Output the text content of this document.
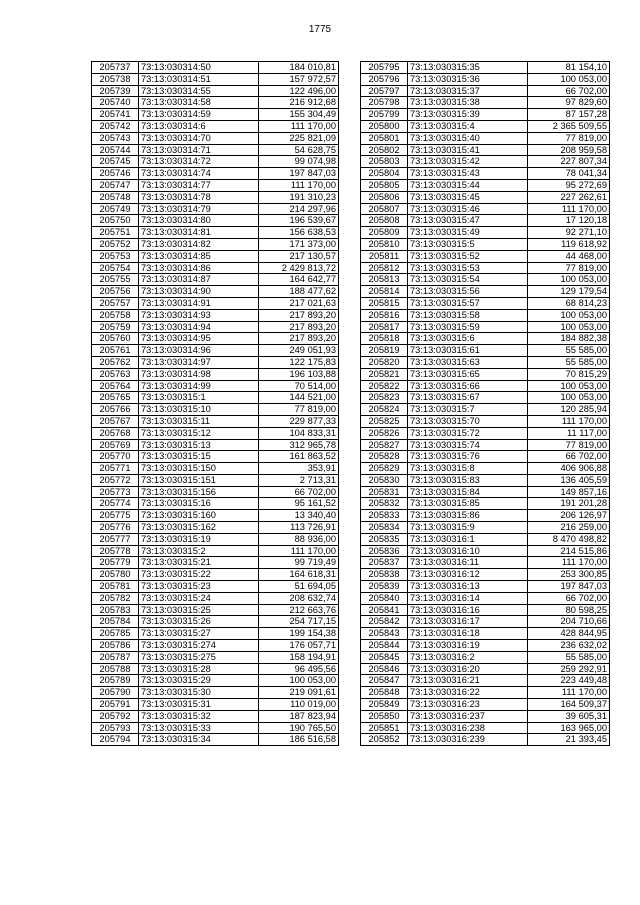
1775
205737	73:13:030314:50	184 010,81
205738	73:13:030314:51	157 972,57
205739	73:13:030314:55	122 496,00
205740	73:13:030314:58	216 912,68
205741	73:13:030314:59	155 304,49
205742	73:13:030314:6	111 170,00
205743	73:13:030314:70	225 821,09
205744	73:13:030314:71	54 628,75
205745	73:13:030314:72	99 074,98
205746	73:13:030314:74	197 847,03
205747	73:13:030314:77	111 170,00
205748	73:13:030314:78	191 310,23
205749	73:13:030314:79	214 297,96
205750	73:13:030314:80	196 539,67
205751	73:13:030314:81	156 638,53
205752	73:13:030314:82	171 373,00
205753	73:13:030314:85	217 130,57
205754	73:13:030314:86	2 429 813,72
205755	73:13:030314:87	164 642,77
205756	73:13:030314:90	188 477,62
205757	73:13:030314:91	217 021,63
205758	73:13:030314:93	217 893,20
205759	73:13:030314:94	217 893,20
205760	73:13:030314:95	217 893,20
205761	73:13:030314:96	249 051,93
205762	73:13:030314:97	122 175,83
205763	73:13:030314:98	196 103,88
205764	73:13:030314:99	70 514,00
205765	73:13:030315:1	144 521,00
205766	73:13:030315:10	77 819,00
205767	73:13:030315:11	229 877,33
205768	73:13:030315:12	104 833,31
205769	73:13:030315:13	312 965,78
205770	73:13:030315:15	161 863,52
205771	73:13:030315:150	353,91
205772	73:13:030315:151	2 713,31
205773	73:13:030315:156	66 702,00
205774	73:13:030315:16	95 161,52
205775	73:13:030315:160	13 340,40
205776	73:13:030315:162	113 726,91
205777	73:13:030315:19	88 936,00
205778	73:13:030315:2	111 170,00
205779	73:13:030315:21	99 719,49
205780	73:13:030315:22	164 618,31
205781	73:13:030315:23	51 694,05
205782	73:13:030315:24	208 632,74
205783	73:13:030315:25	212 663,76
205784	73:13:030315:26	254 717,15
205785	73:13:030315:27	199 154,38
205786	73:13:030315:274	176 057,71
205787	73:13:030315:275	158 194,91
205788	73:13:030315:28	96 495,56
205789	73:13:030315:29	100 053,00
205790	73:13:030315:30	219 091,61
205791	73:13:030315:31	110 019,00
205792	73:13:030315:32	187 823,94
205793	73:13:030315:33	190 765,50
205794	73:13:030315:34	186 516,58
205795	73:13:030315:35	81 154,10
205796	73:13:030315:36	100 053,00
205797	73:13:030315:37	66 702,00
205798	73:13:030315:38	97 829,60
205799	73:13:030315:39	87 157,28
205800	73:13:030315:4	2 365 509,55
205801	73:13:030315:40	77 819,00
205802	73:13:030315:41	208 959,58
205803	73:13:030315:42	227 807,34
205804	73:13:030315:43	78 041,34
205805	73:13:030315:44	95 272,69
205806	73:13:030315:45	227 262,61
205807	73:13:030315:46	111 170,00
205808	73:13:030315:47	17 120,18
205809	73:13:030315:49	92 271,10
205810	73:13:030315:5	119 618,92
205811	73:13:030315:52	44 468,00
205812	73:13:030315:53	77 819,00
205813	73:13:030315:54	100 053,00
205814	73:13:030315:56	129 179,54
205815	73:13:030315:57	68 814,23
205816	73:13:030315:58	100 053,00
205817	73:13:030315:59	100 053,00
205818	73:13:030315:6	184 882,38
205819	73:13:030315:61	55 585,00
205820	73:13:030315:63	55 585,00
205821	73:13:030315:65	70 815,29
205822	73:13:030315:66	100 053,00
205823	73:13:030315:67	100 053,00
205824	73:13:030315:7	120 285,94
205825	73:13:030315:70	111 170,00
205826	73:13:030315:72	11 117,00
205827	73:13:030315:74	77 819,00
205828	73:13:030315:76	66 702,00
205829	73:13:030315:8	406 906,88
205830	73:13:030315:83	136 405,59
205831	73:13:030315:84	149 857,16
205832	73:13:030315:85	191 201,28
205833	73:13:030315:86	206 126,97
205834	73:13:030315:9	216 259,00
205835	73:13:030316:1	8 470 498,82
205836	73:13:030316:10	214 515,86
205837	73:13:030316:11	111 170,00
205838	73:13:030316:12	253 300,85
205839	73:13:030316:13	197 847,03
205840	73:13:030316:14	66 702,00
205841	73:13:030316:16	80 598,25
205842	73:13:030316:17	204 710,66
205843	73:13:030316:18	428 844,95
205844	73:13:030316:19	236 632,02
205845	73:13:030316:2	55 585,00
205846	73:13:030316:20	259 292,91
205847	73:13:030316:21	223 449,48
205848	73:13:030316:22	111 170,00
205849	73:13:030316:23	164 509,37
205850	73:13:030316:237	39 605,31
205851	73:13:030316:238	163 965,00
205852	73:13:030316:239	21 393,45
